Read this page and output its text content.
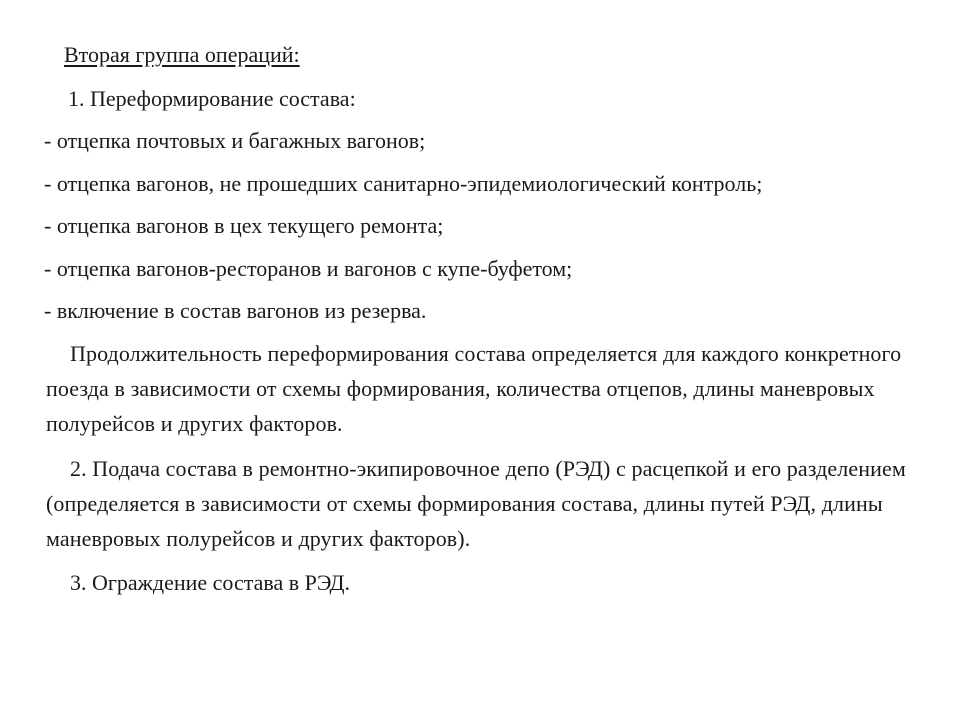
Вторая группа операций:

1. Переформирование состава:

- отцепка почтовых и багажных вагонов;

- отцепка вагонов, не прошедших санитарно-эпидемиологический контроль;

- отцепка вагонов в цех текущего ремонта;

- отцепка вагонов-ресторанов и вагонов с купе-буфетом;

- включение в состав вагонов из резерва.

Продолжительность переформирования состава определяется для каждого конкретного поезда в зависимости от схемы формирования, количества отцепов, длины маневровых полурейсов и других факторов.

2. Подача состава в ремонтно-экипировочное депо (РЭД) с расцепкой и его разделением (определяется в зависимости от схемы формирования состава, длины путей РЭД, длины маневровых полурейсов и других факторов).

3. Ограждение состава в РЭД.
